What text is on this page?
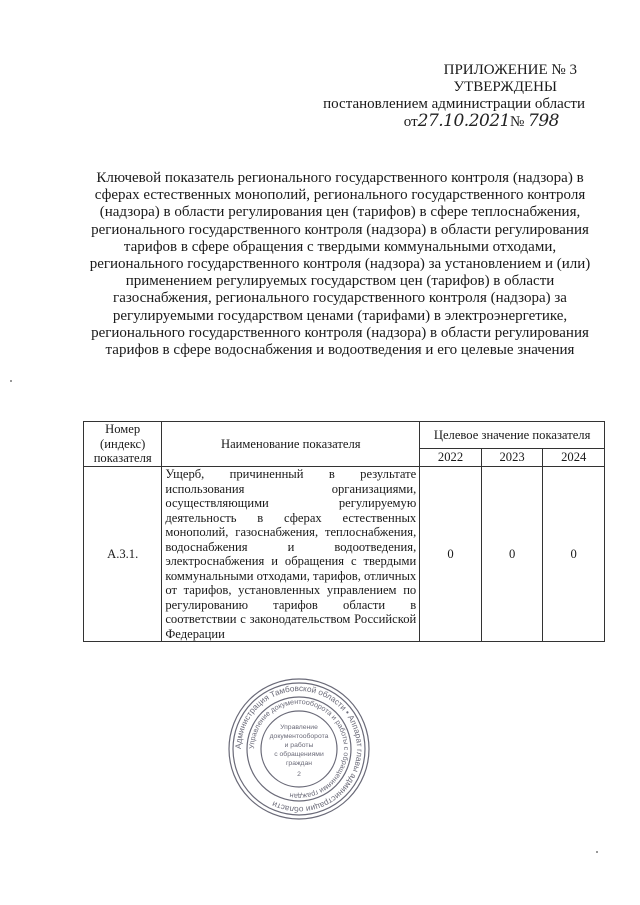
ПРИЛОЖЕНИЕ № 3
УТВЕРЖДЕНЫ
постановлением администрации области
от27.10.2021№ 798
Ключевой показатель регионального государственного контроля (надзора) в сферах естественных монополий, регионального государственного контроля (надзора) в области регулирования цен (тарифов) в сфере теплоснабжения, регионального государственного контроля (надзора) в области регулирования тарифов в сфере обращения с твердыми коммунальными отходами, регионального государственного контроля (надзора) за установлением и (или) применением регулируемых государством цен (тарифов) в области газоснабжения, регионального государственного контроля (надзора) за регулируемыми государством ценами (тарифами) в электроэнергетике, регионального государственного контроля (надзора) в области регулирования тарифов в сфере водоснабжения и водоотведения и его целевые значения
Номер (индекс) показателя	Наименование показателя	Целевое значение показателя		
		2022	2023	2024
А.3.1.	Ущерб, причиненный в результате использования организациями, осуществляющими регулируемую деятельность в сферах естественных монополий, газоснабжения, теплоснабжения, водоснабжения и водоотведения, электроснабжения и обращения с твердыми коммунальными отходами, тарифов, отличных от тарифов, установленных управлением по регулированию тарифов области в соответствии с законодательством Российской Федерации	0	0	0
Администрация Тамбовской области • Аппарат главы администрации области
Управление документооборота и работы с обращениями граждан
Управление
документооборота
и работы
с обращениями
граждан
2
